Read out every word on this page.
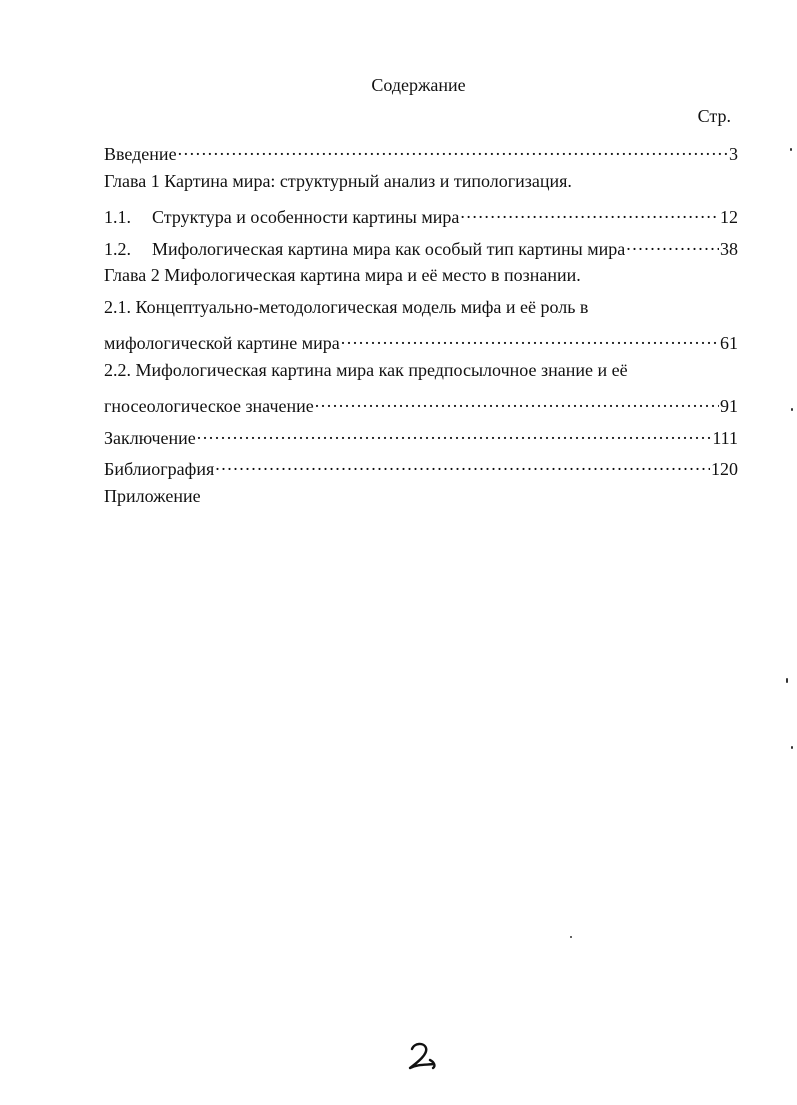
Содержание
Стр.
Введение .....	3
Глава 1 Картина мира: структурный анализ и типологизация.
1.1. Структура и особенности картины мира .....	12
1.2. Мифологическая картина мира как особый тип картины мира .....	38
Глава 2 Мифологическая картина мира и её место в познании.
2.1. Концептуально-методологическая модель мифа и её роль в
мифологической картине мира .....	61
2.2. Мифологическая картина мира как предпосылочное знание и её
гносеологическое значение .....	91
Заключение .....	111
Библиография .....	120
Приложение
